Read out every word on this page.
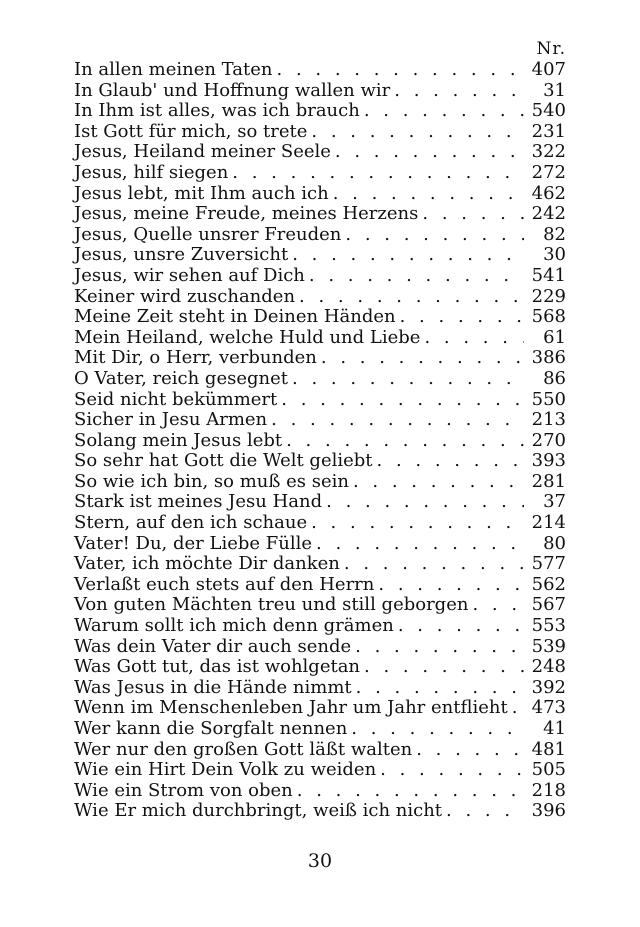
Nr.
In allen meinen Taten . . .	407
In Glaub' und Hoffnung wallen wir . . .	31
In Ihm ist alles, was ich brauch . . .	540
Ist Gott für mich, so trete . . .	231
Jesus, Heiland meiner Seele . . .	322
Jesus, hilf siegen . . .	272
Jesus lebt, mit Ihm auch ich . . .	462
Jesus, meine Freude, meines Herzens . . .	242
Jesus, Quelle unsrer Freuden . . .	82
Jesus, unsre Zuversicht . . .	30
Jesus, wir sehen auf Dich . . .	541
Keiner wird zuschanden . . .	229
Meine Zeit steht in Deinen Händen . . .	568
Mein Heiland, welche Huld und Liebe . . .	61
Mit Dir, o Herr, verbunden . . .	386
O Vater, reich gesegnet . . .	86
Seid nicht bekümmert . . .	550
Sicher in Jesu Armen . . .	213
Solang mein Jesus lebt . . .	270
So sehr hat Gott die Welt geliebt . . .	393
So wie ich bin, so muß es sein . . .	281
Stark ist meines Jesu Hand . . .	37
Stern, auf den ich schaue . . .	214
Vater! Du, der Liebe Fülle . . .	80
Vater, ich möchte Dir danken . . .	577
Verlaßt euch stets auf den Herrn . . .	562
Von guten Mächten treu und still geborgen . . .	567
Warum sollt ich mich denn grämen . . .	553
Was dein Vater dir auch sende . . .	539
Was Gott tut, das ist wohlgetan . . .	248
Was Jesus in die Hände nimmt . . .	392
Wenn im Menschenleben Jahr um Jahr entflieht . . .	473
Wer kann die Sorgfalt nennen . . .	41
Wer nur den großen Gott läßt walten . . .	481
Wie ein Hirt Dein Volk zu weiden . . .	505
Wie ein Strom von oben . . .	218
Wie Er mich durchbringt, weiß ich nicht . . .	396
30
